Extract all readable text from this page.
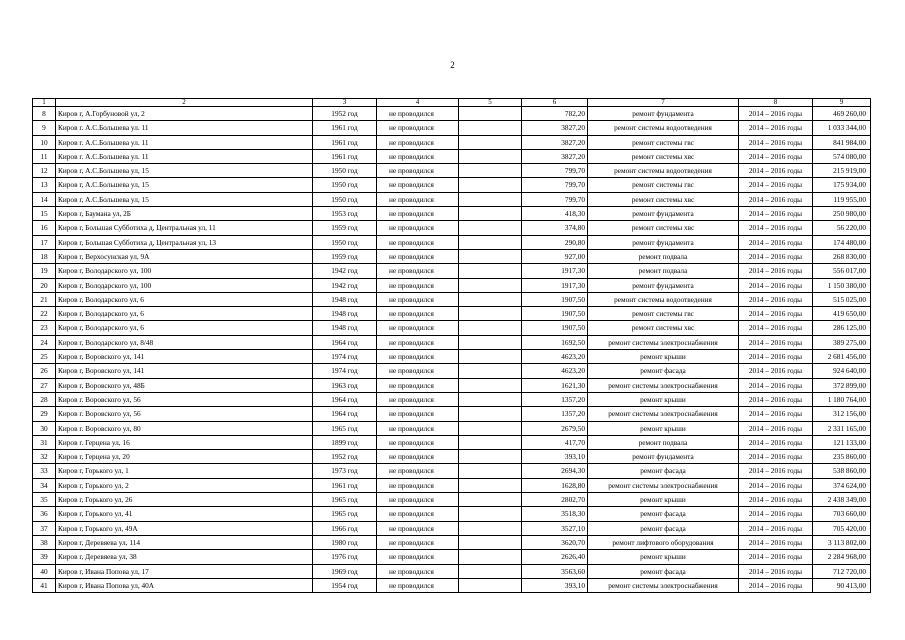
2
1	2	3	4	5	6	7	8	9
8	Киров г, А.Горбуновой ул, 2	1952 год	не проводился		782,20	ремонт фундамента	2014 – 2016 годы	469 260,00
9	Киров г. А.С.Большева ул. 11	1961 год	не проводился		3827,20	ремонт системы водоотведения	2014 – 2016 годы	1 033 344,00
10	Киров г. А.С.Большева ул. 11	1961 год	не проводился		3827,20	ремонт системы гвс	2014 – 2016 годы	841 984,00
11	Киров г. А.С.Большева ул. 11	1961 год	не проводился		3827,20	ремонт системы хвс	2014 – 2016 годы	574 080,00
12	Киров г, А.С.Большева ул, 15	1950 год	не проводился		799,70	ремонт системы водоотведения	2014 – 2016 годы	215 919,00
13	Киров г, А.С.Большева ул, 15	1950 год	не проводился		799,70	ремонт системы гвс	2014 – 2016 годы	175 934,00
14	Киров г, А.С.Большева ул, 15	1950 год	не проводился		799,70	ремонт системы хвс	2014 – 2016 годы	119 955,00
15	Киров г, Баумана ул, 2Б	1953 год	не проводился		418,30	ремонт фундамента	2014 – 2016 годы	250 980,00
16	Киров г, Большая Субботиха д, Центральная ул, 11	1959 год	не проводился		374,80	ремонт системы хвс	2014 – 2016 годы	56 220,00
17	Киров г, Большая Субботиха д, Центральная ул, 13	1950 год	не проводился		290,80	ремонт фундамента	2014 – 2016 годы	174 480,00
18	Киров г, Верхосунская ул, 9А	1959 год	не проводился		927,00	ремонт подвала	2014 – 2016 годы	268 830,00
19	Киров г, Володарского ул, 100	1942 год	не проводился		1917,30	ремонт подвала	2014 – 2016 годы	556 017,00
20	Киров г, Володарского ул, 100	1942 год	не проводился		1917,30	ремонт фундамента	2014 – 2016 годы	1 150 380,00
21	Киров г, Володарского ул, 6	1948 год	не проводился		1907,50	ремонт системы водоотведения	2014 – 2016 годы	515 025,00
22	Киров г, Володарского ул, 6	1948 год	не проводился		1907,50	ремонт системы гвс	2014 – 2016 годы	419 650,00
23	Киров г, Володарского ул, 6	1948 год	не проводился		1907,50	ремонт системы хвс	2014 – 2016 годы	286 125,00
24	Киров г, Володарского ул, 8/48	1964 год	не проводился		1692,50	ремонт системы электроснабжения	2014 – 2016 годы	389 275,00
25	Киров г, Воровского ул, 141	1974 год	не проводился		4623,20	ремонт крыши	2014 – 2016 годы	2 681 456,00
26	Киров г, Воровского ул, 141	1974 год	не проводился		4623,20	ремонт фасада	2014 – 2016 годы	924 640,00
27	Киров г, Воровского ул, 48Б	1963 год	не проводился		1621,30	ремонт системы электроснабжения	2014 – 2016 годы	372 899,00
28	Киров г. Воровского ул, 56	1964 год	не проводился		1357,20	ремонт крыши	2014 – 2016 годы	1 180 764,00
29	Киров г. Воровского ул, 56	1964 год	не проводился		1357,20	ремонт системы электроснабжения	2014 – 2016 годы	312 156,00
30	Киров г. Воровского ул, 80	1965 год	не проводился		2679,50	ремонт крыши	2014 – 2016 годы	2 331 165,00
31	Киров г. Герцена ул, 16	1899 год	не проводился		417,70	ремонт подвала	2014 – 2016 годы	121 133,00
32	Киров г, Герцена ул, 20	1952 год	не проводился		393,10	ремонт фундамента	2014 – 2016 годы	235 860,00
33	Киров г, Горького ул, 1	1973 год	не проводился		2694,30	ремонт фасада	2014 – 2016 годы	538 860,00
34	Киров г, Горького ул, 2	1961 год	не проводился		1628,80	ремонт системы электроснабжения	2014 – 2016 годы	374 624,00
35	Киров г, Горького ул, 26	1965 год	не проводился		2802,70	ремонт крыши	2014 – 2016 годы	2 438 349,00
36	Киров г, Горького ул, 41	1965 год	не проводился		3518,30	ремонт фасада	2014 – 2016 годы	703 660,00
37	Киров г, Горького ул, 49А	1966 год	не проводился		3527,10	ремонт фасада	2014 – 2016 годы	705 420,00
38	Киров г, Деревяева ул, 114	1980 год	не проводился		3620,70	ремонт лифтового оборудования	2014 – 2016 годы	3 113 802,00
39	Киров г, Деревяева ул, 38	1976 год	не проводился		2626,40	ремонт крыши	2014 – 2016 годы	2 284 968,00
40	Киров г, Ивана Попова ул, 17	1969 год	не проводился		3563,60	ремонт фасада	2014 – 2016 годы	712 720,00
41	Киров г, Ивана Попова ул, 40А	1954 год	не проводился		393,10	ремонт системы электроснабжения	2014 – 2016 годы	90 413,00
